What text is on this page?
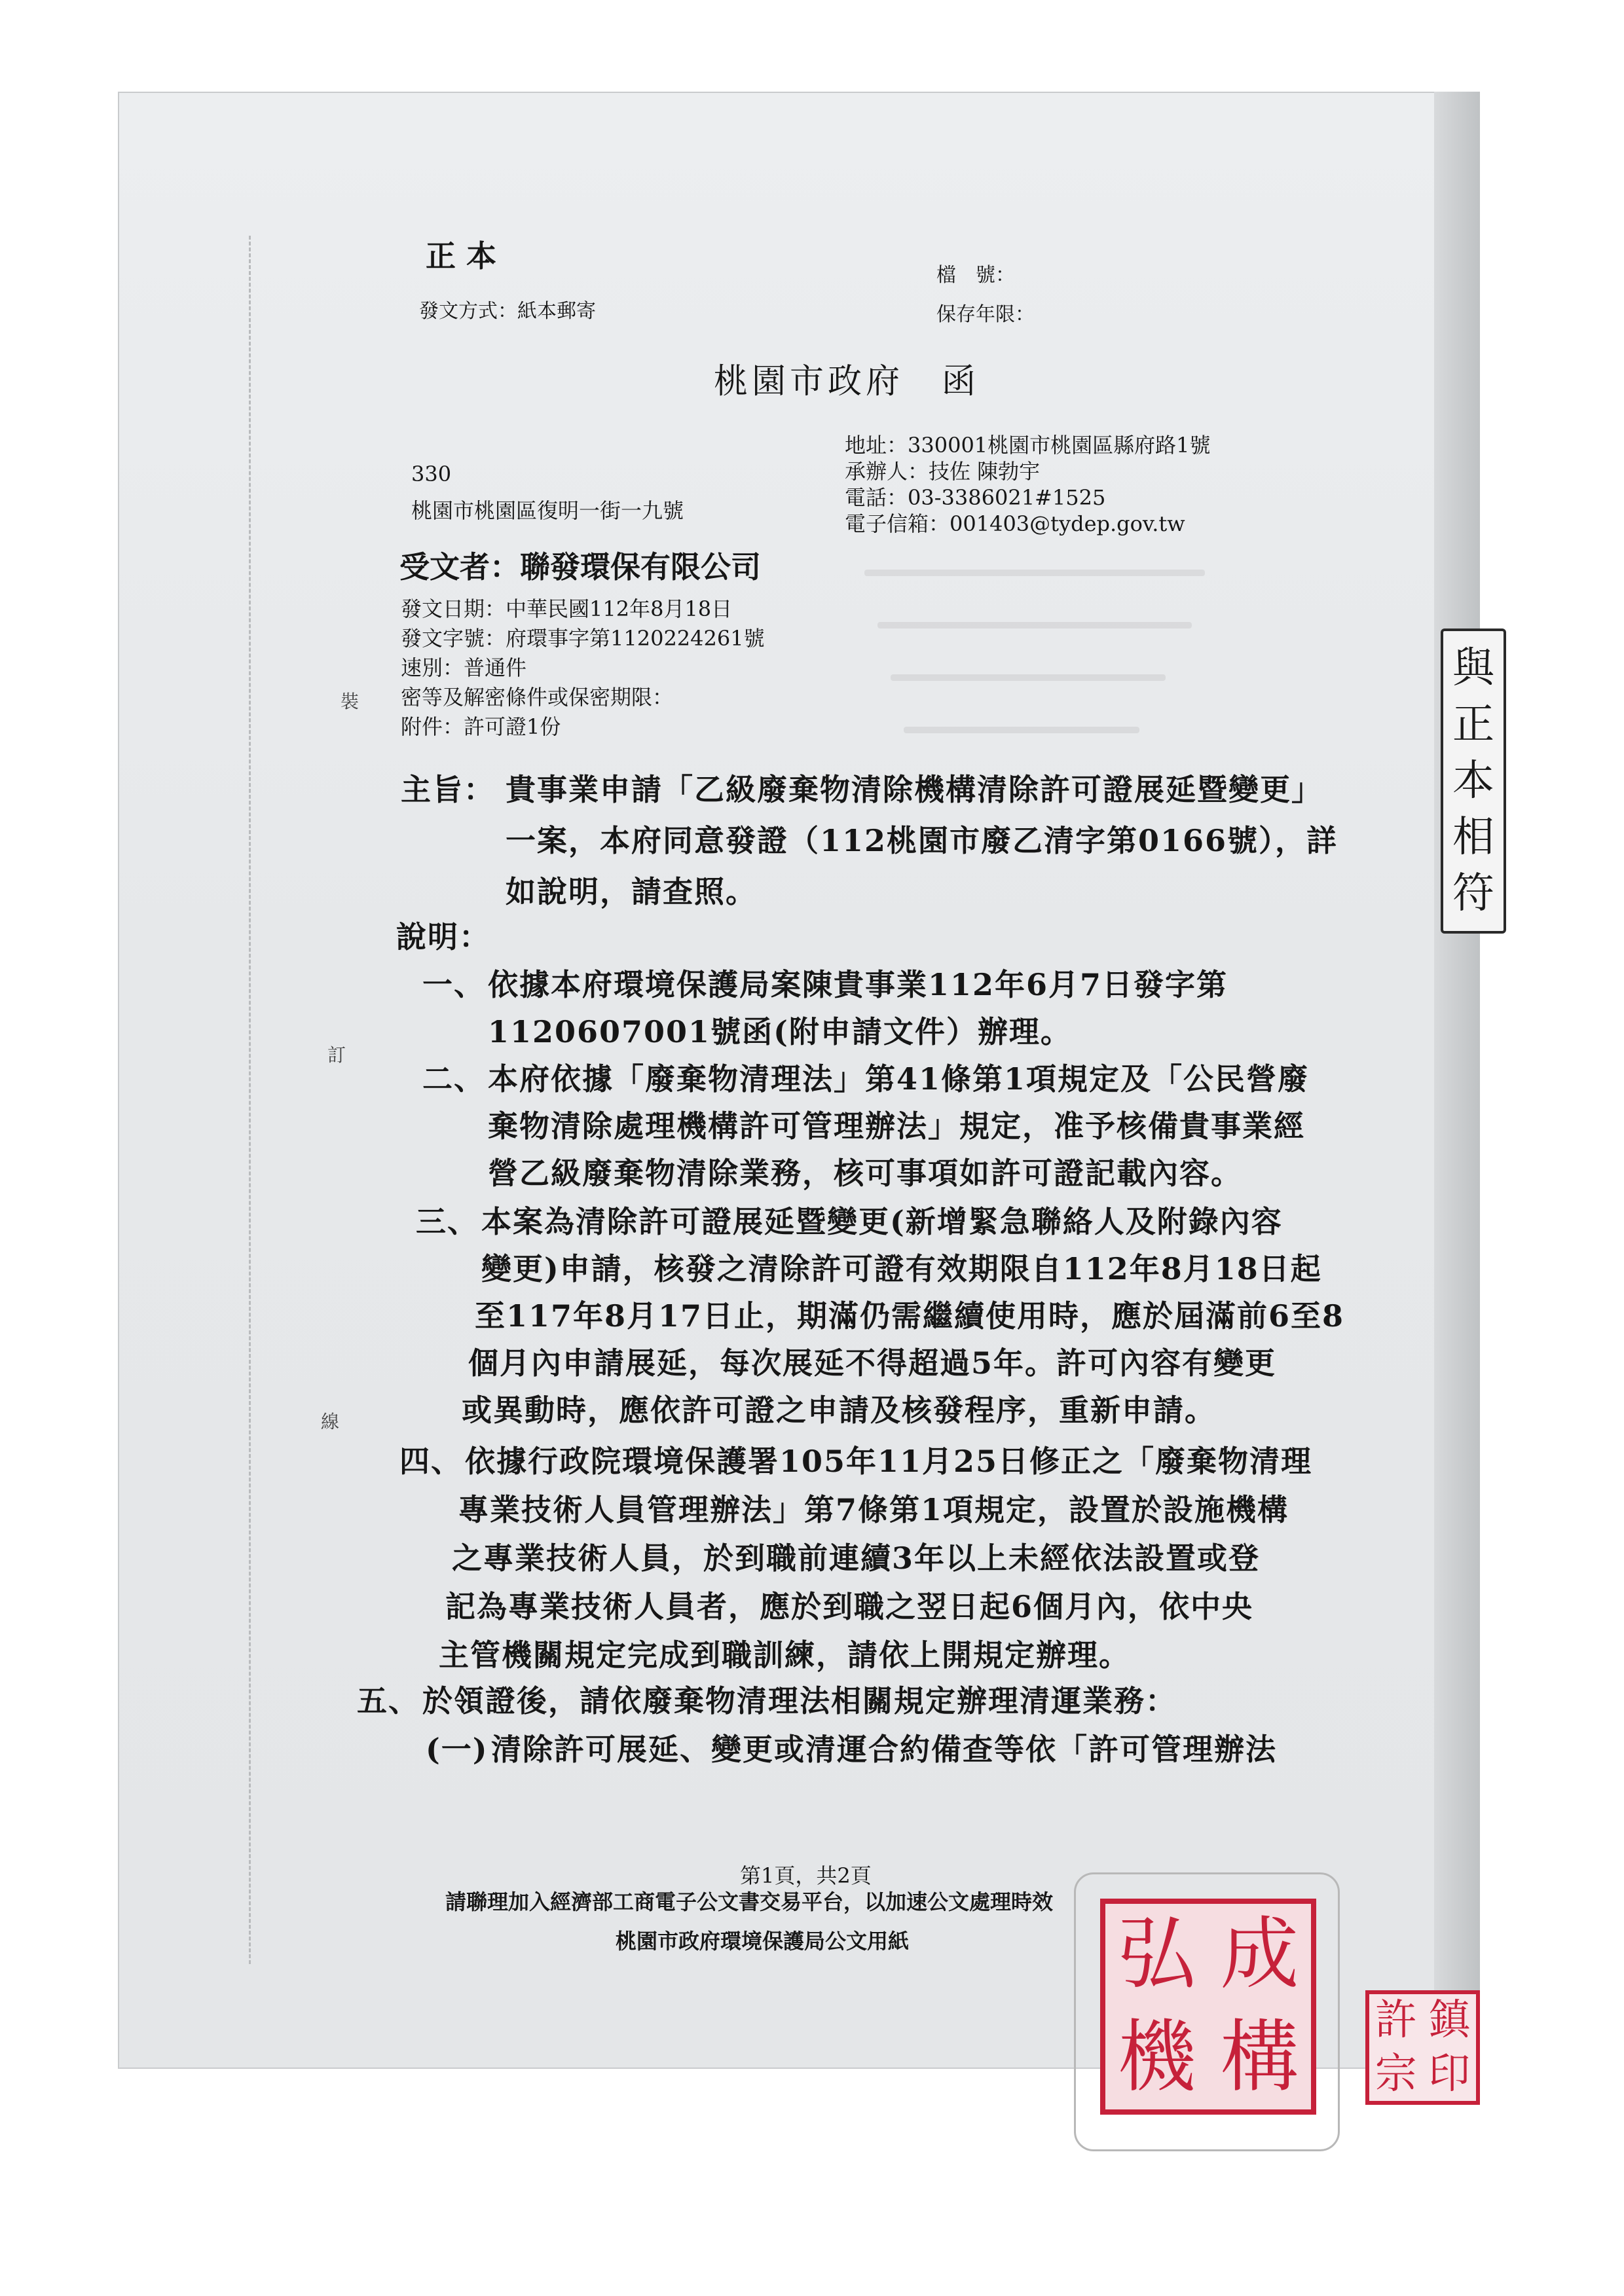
正 本
檔　號：
發文方式：紙本郵寄	保存年限：
桃園市政府　函
地址：330001桃園市桃園區縣府路1號
承辦人：技佐 陳勃宇
電話：03-3386021#1525
電子信箱：001403@tydep.gov.tw
330
桃園市桃園區復明一街一九號
受文者：聯發環保有限公司
發文日期：中華民國112年8月18日
發文字號：府環事字第1120224261號
速別：普通件
密等及解密條件或保密期限：
附件：許可證1份
主旨： 貴事業申請「乙級廢棄物清除機構清除許可證展延暨變更」
一案，本府同意發證（112桃園市廢乙清字第0166號），詳
如說明，請查照。
說明：
一、 依據本府環境保護局案陳貴事業112年6月7日發字第
1120607001號函(附申請文件）辦理。
二、 本府依據「廢棄物清理法」第41條第1項規定及「公民營廢
棄物清除處理機構許可管理辦法」規定，准予核備貴事業經
營乙級廢棄物清除業務，核可事項如許可證記載內容。
三、 本案為清除許可證展延暨變更(新增緊急聯絡人及附錄內容
變更)申請，核發之清除許可證有效期限自112年8月18日起
至117年8月17日止，期滿仍需繼續使用時，應於屆滿前6至8
個月內申請展延，每次展延不得超過5年。許可內容有變更
或異動時，應依許可證之申請及核發程序，重新申請。
四、 依據行政院環境保護署105年11月25日修正之「廢棄物清理
專業技術人員管理辦法」第7條第1項規定，設置於設施機構
之專業技術人員，於到職前連續3年以上未經依法設置或登
記為專業技術人員者，應於到職之翌日起6個月內，依中央
主管機關規定完成到職訓練，請依上開規定辦理。
五、 於領證後，請依廢棄物清理法相關規定辦理清運業務：
(一) 清除許可展延、變更或清運合約備查等依「許可管理辦法
裝
訂
線
第1頁，共2頁
請聯理加入經濟部工商電子公文書交易平台，以加速公文處理時效
桃園市政府環境保護局公文用紙
與
正
本
相
符
弘 成
機 構 許 鎮
宗 印
